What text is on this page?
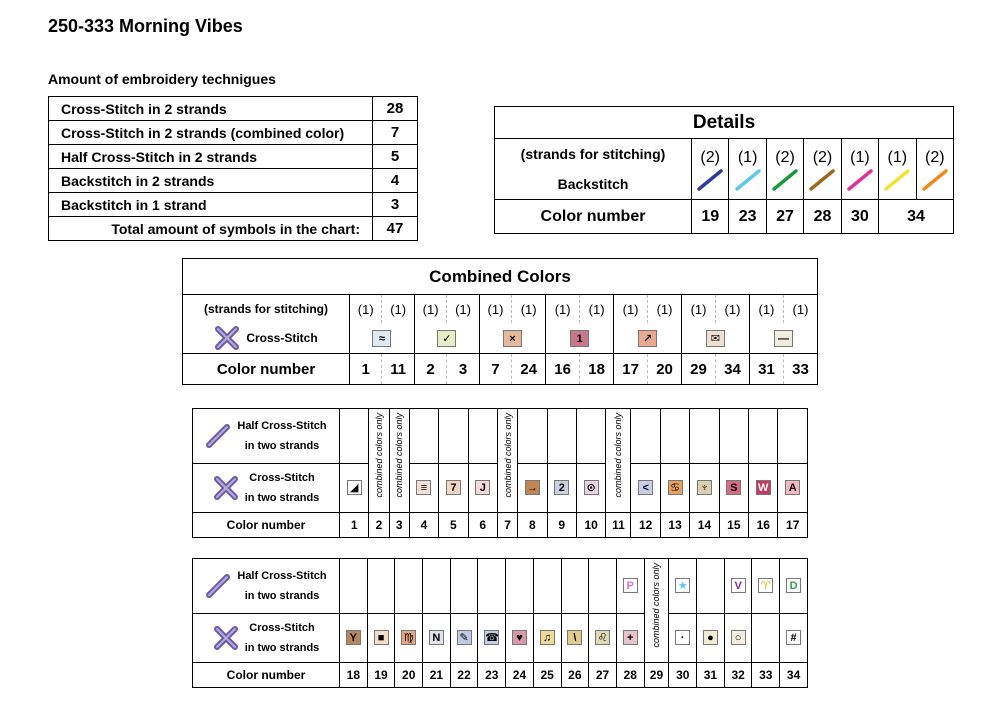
250-333 Morning Vibes
Amount of embroidery technigues
Cross-Stitch in 2 strands	28
Cross-Stitch in 2 strands (combined color)	7
Half Cross-Stitch in 2 strands	5
Backstitch in 2 strands	4
Backstitch in 1 strand	3
Total amount of symbols in the chart:	47
Details							

(strands for stitching)
Backstitch	(2)	(1)	(2)	(2)	(1)	(1)	(2)

Color number	19	23	27	28	30	34	
Combined Colors														
(strands for stitching)	(1)	(1)	(1)	(1)	(1)	(1)	(1)	(1)	(1)	(1)	(1)	(1)	(1)	(1)

Cross-Stitch	≈		✓		×		1		↗		✉		—	
Color number	1	11	2	3	7	24	16	18	17	20	29	34	31	33
Half Cross-Stitch
in two strands		combined colors only	combined colors only				combined colors only				combined colors only						

Cross-Stitch
in two strands	◢			≡	7	J		→	2	⊙		<	♋	♆	S	W	A
Color number	1	2	3	4	5	6	7	8	9	10	11	12	13	14	15	16	17
Half Cross-Stitch
in two strands											P	combined colors only	★		V	♈	D

Cross-Stitch
in two strands	Y	■	♍	N	✎	☎	♥	♫	\	♌	+		·	●	○		#
Color number	18	19	20	21	22	23	24	25	26	27	28	29	30	31	32	33	34
